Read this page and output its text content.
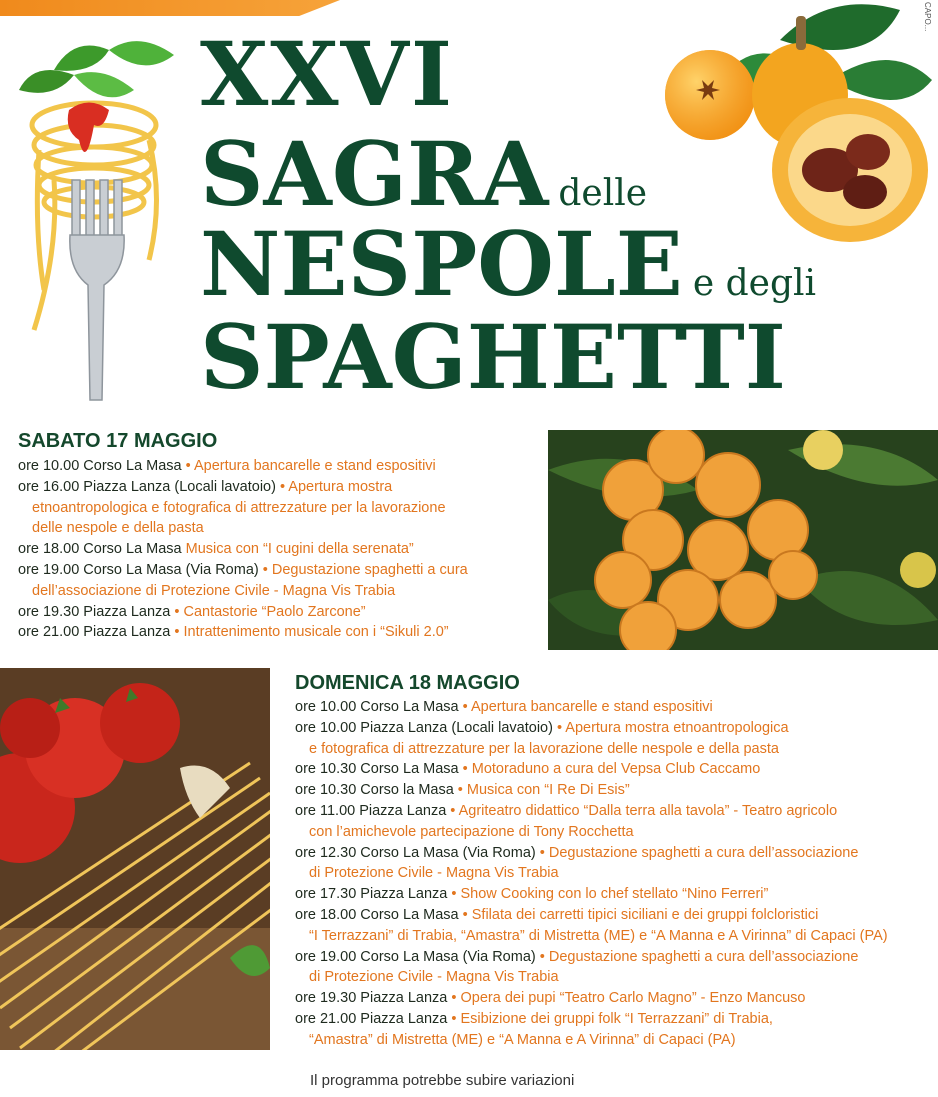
CAPO...
XXVI
SAGRA delle
NESPOLE e degli
SPAGHETTI
SABATO 17 MAGGIO
ore 10.00 Corso La Masa • Apertura bancarelle e stand espositivi
ore 16.00 Piazza Lanza (Locali lavatoio) • Apertura mostra
etnoantropologica e fotografica di attrezzature per la lavorazione
delle nespole e della pasta
ore 18.00 Corso La Masa Musica con “I cugini della serenata”
ore 19.00 Corso La Masa (Via Roma) • Degustazione spaghetti a cura
dell’associazione di Protezione Civile - Magna Vis Trabia
ore 19.30 Piazza Lanza • Cantastorie “Paolo Zarcone”
ore 21.00 Piazza Lanza • Intrattenimento musicale con i “Sikuli 2.0”
DOMENICA 18 MAGGIO
ore 10.00 Corso La Masa • Apertura bancarelle e stand espositivi
ore 10.00 Piazza Lanza (Locali lavatoio) • Apertura mostra etnoantropologica
e fotografica di attrezzature per la lavorazione delle nespole e della pasta
ore 10.30 Corso La Masa • Motoraduno a cura del Vepsa Club Caccamo
ore 10.30 Corso la Masa • Musica con “I Re Di Esis”
ore 11.00 Piazza Lanza • Agriteatro didattico “Dalla terra alla tavola” - Teatro agricolo
con l’amichevole partecipazione di Tony Rocchetta
ore 12.30 Corso La Masa (Via Roma) • Degustazione spaghetti a cura dell’associazione
di Protezione Civile - Magna Vis Trabia
ore 17.30 Piazza Lanza • Show Cooking con lo chef stellato “Nino Ferreri”
ore 18.00 Corso La Masa • Sfilata dei carretti tipici siciliani e dei gruppi folcloristici
“I Terrazzani” di Trabia, “Amastra” di Mistretta (ME) e “A Manna e A Virinna” di Capaci (PA)
ore 19.00 Corso La Masa (Via Roma) • Degustazione spaghetti a cura dell’associazione
di Protezione Civile - Magna Vis Trabia
ore 19.30 Piazza Lanza • Opera dei pupi “Teatro Carlo Magno” - Enzo Mancuso
ore 21.00 Piazza Lanza • Esibizione dei gruppi folk “I Terrazzani” di Trabia,
“Amastra” di Mistretta (ME) e “A Manna e A Virinna” di Capaci (PA)
Il programma potrebbe subire variazioni
